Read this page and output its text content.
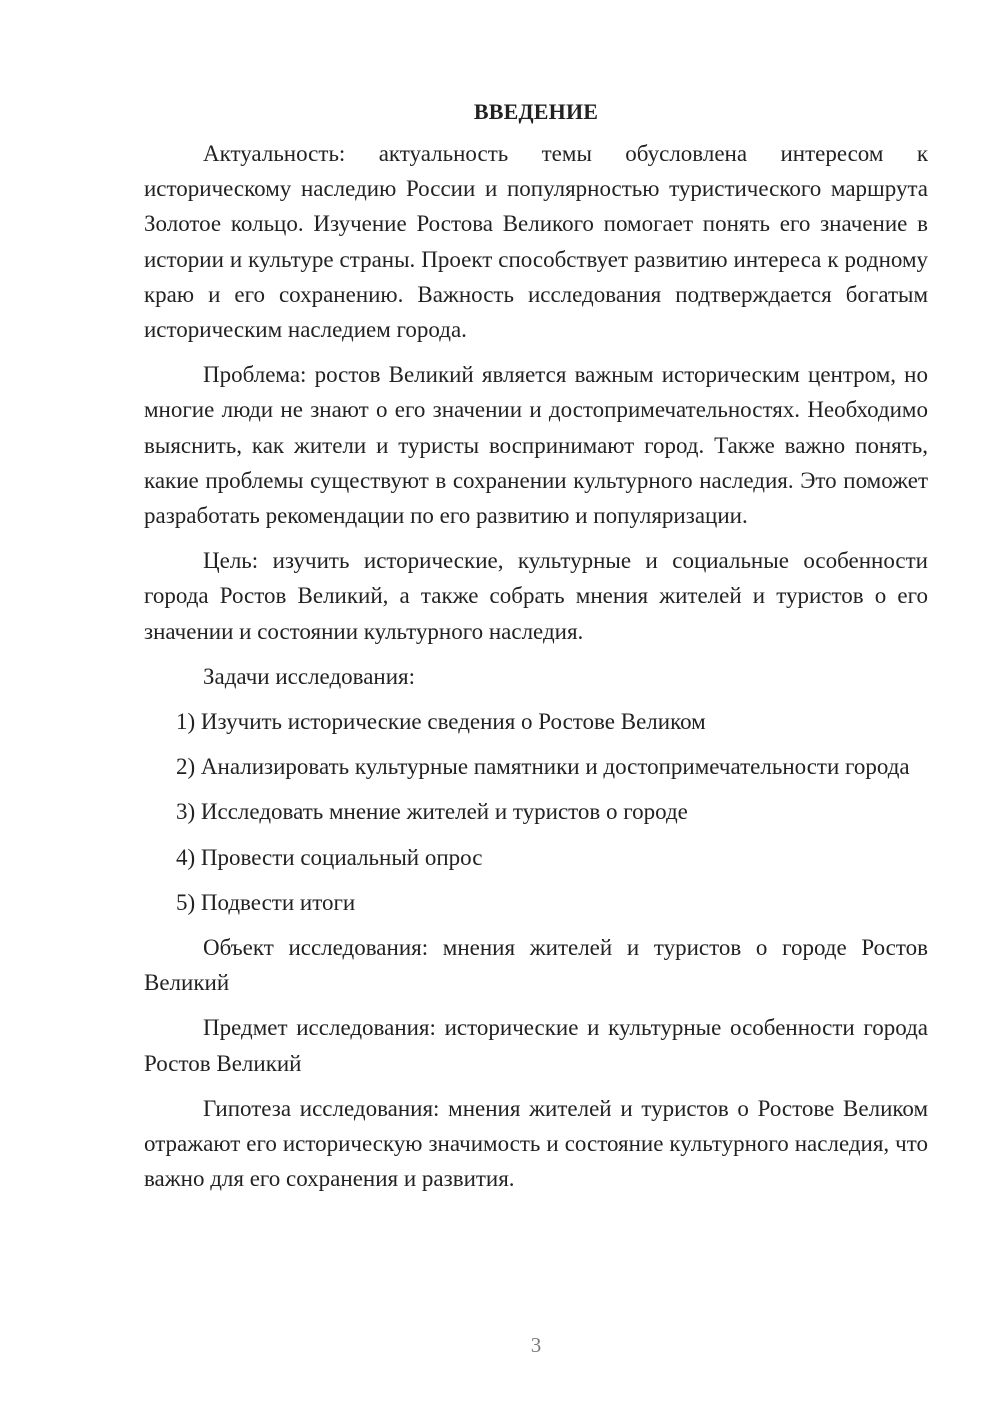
ВВЕДЕНИЕ

Актуальность: актуальность темы обусловлена интересом к историческому наследию России и популярностью туристического маршрута Золотое кольцо. Изучение Ростова Великого помогает понять его значение в истории и культуре страны. Проект способствует развитию интереса к родному краю и его сохранению. Важность исследования подтверждается богатым историческим наследием города.

Проблема: ростов Великий является важным историческим центром, но многие люди не знают о его значении и достопримечательностях. Необходимо выяснить, как жители и туристы воспринимают город. Также важно понять, какие проблемы существуют в сохранении культурного наследия. Это поможет разработать рекомендации по его развитию и популяризации.

Цель: изучить исторические, культурные и социальные особенности города Ростов Великий, а также собрать мнения жителей и туристов о его значении и состоянии культурного наследия.

Задачи исследования:

1) Изучить исторические сведения о Ростове Великом

2) Анализировать культурные памятники и достопримечательности города

3) Исследовать мнение жителей и туристов о городе

4) Провести социальный опрос

5) Подвести итоги

Объект исследования: мнения жителей и туристов о городе Ростов Великий

Предмет исследования: исторические и культурные особенности города Ростов Великий

Гипотеза исследования: мнения жителей и туристов о Ростове Великом отражают его историческую значимость и состояние культурного наследия, что важно для его сохранения и развития.

3
